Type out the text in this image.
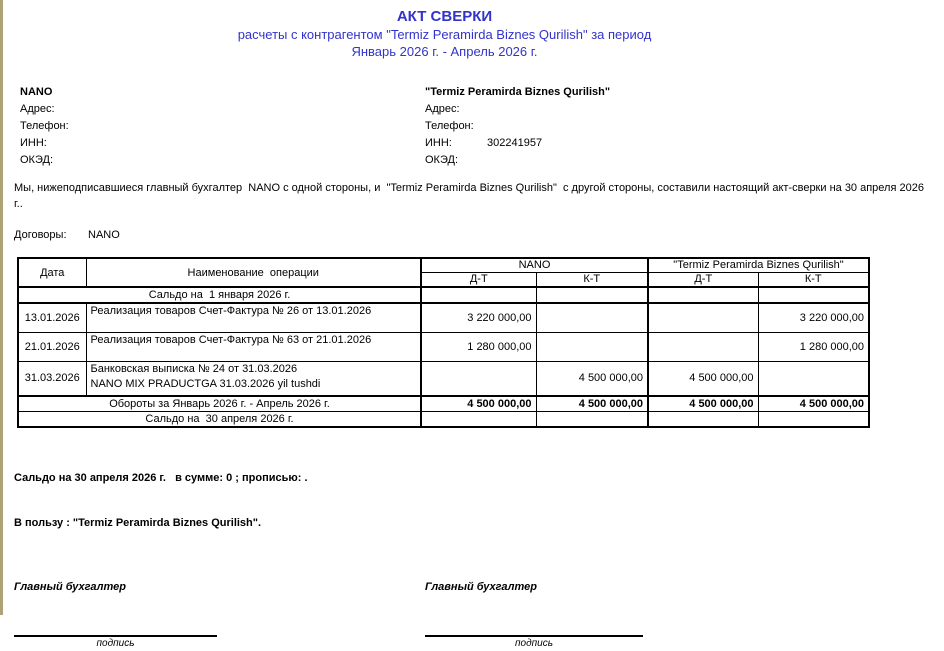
АКТ СВЕРКИ
расчеты с контрагентом "Termiz Peramirda Biznes Qurilish" за период
Январь 2026 г. - Апрель 2026 г.
NANO
Адрес:
Телефон:
ИНН:
ОКЭД:
"Termiz Peramirda Biznes Qurilish"
Адрес:
Телефон:
ИНН:	302241957
ОКЭД:
Мы, нижеподписавшиеся главный бухгалтер  NANO с одной стороны, и  "Termiz Peramirda Biznes Qurilish"  с другой стороны, составили настоящий акт-сверки на 30 апреля 2026 г..
Договоры: NANO
Дата	Наименование  операции	NANO		"Termiz Peramirda Biznes Qurilish"	
		Д-Т	К-Т	Д-Т	К-Т
Сальдо на  1 января 2026 г.					
13.01.2026	Реализация товаров Счет-Фактура № 26 от 13.01.2026	3 220 000,00			3 220 000,00
21.01.2026	Реализация товаров Счет-Фактура № 63 от 21.01.2026	1 280 000,00			1 280 000,00
31.03.2026	Банковская выписка № 24 от 31.03.2026
NANO MIX PRADUCTGA 31.03.2026 yil tushdi		4 500 000,00	4 500 000,00	
Обороты за Январь 2026 г. - Апрель 2026 г.		4 500 000,00	4 500 000,00	4 500 000,00	4 500 000,00
Сальдо на  30 апреля 2026 г.					

Сальдо на 30 апреля 2026 г.   в сумме: 0 ; прописью: .

В пользу : "Termiz Peramirda Biznes Qurilish".

Главный бухгалтер
подпись
Главный бухгалтер
подпись
